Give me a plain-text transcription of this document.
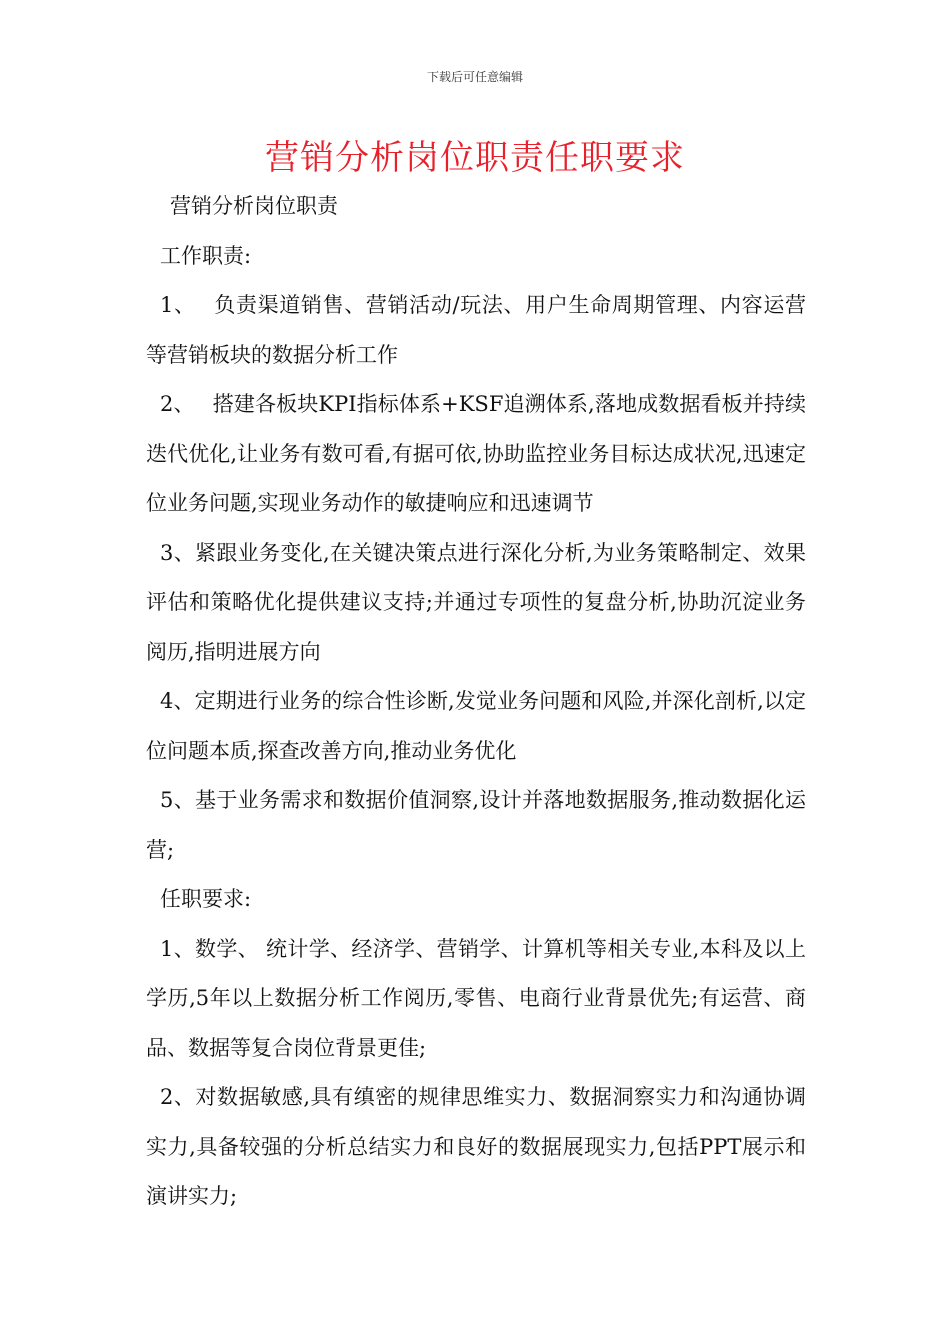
下载后可任意编辑
营销分析岗位职责任职要求

营销分析岗位职责

工作职责:

1、 负责渠道销售、营销活动/玩法、用户生命周期管理、内容运营等营销板块的数据分析工作

2、 搭建各板块KPI指标体系+KSF追溯体系,落地成数据看板并持续迭代优化,让业务有数可看,有据可依,协助监控业务目标达成状况,迅速定位业务问题,实现业务动作的敏捷响应和迅速调节

3、紧跟业务变化,在关键决策点进行深化分析,为业务策略制定、效果评估和策略优化提供建议支持;并通过专项性的复盘分析,协助沉淀业务阅历,指明进展方向

4、定期进行业务的综合性诊断,发觉业务问题和风险,并深化剖析,以定位问题本质,探查改善方向,推动业务优化

5、基于业务需求和数据价值洞察,设计并落地数据服务,推动数据化运营;

任职要求:

1、数学、 统计学、经济学、营销学、计算机等相关专业,本科及以上学历,5年以上数据分析工作阅历,零售、电商行业背景优先;有运营、商品、数据等复合岗位背景更佳;

2、对数据敏感,具有缜密的规律思维实力、数据洞察实力和沟通协调实力,具备较强的分析总结实力和良好的数据展现实力,包括PPT展示和演讲实力;
